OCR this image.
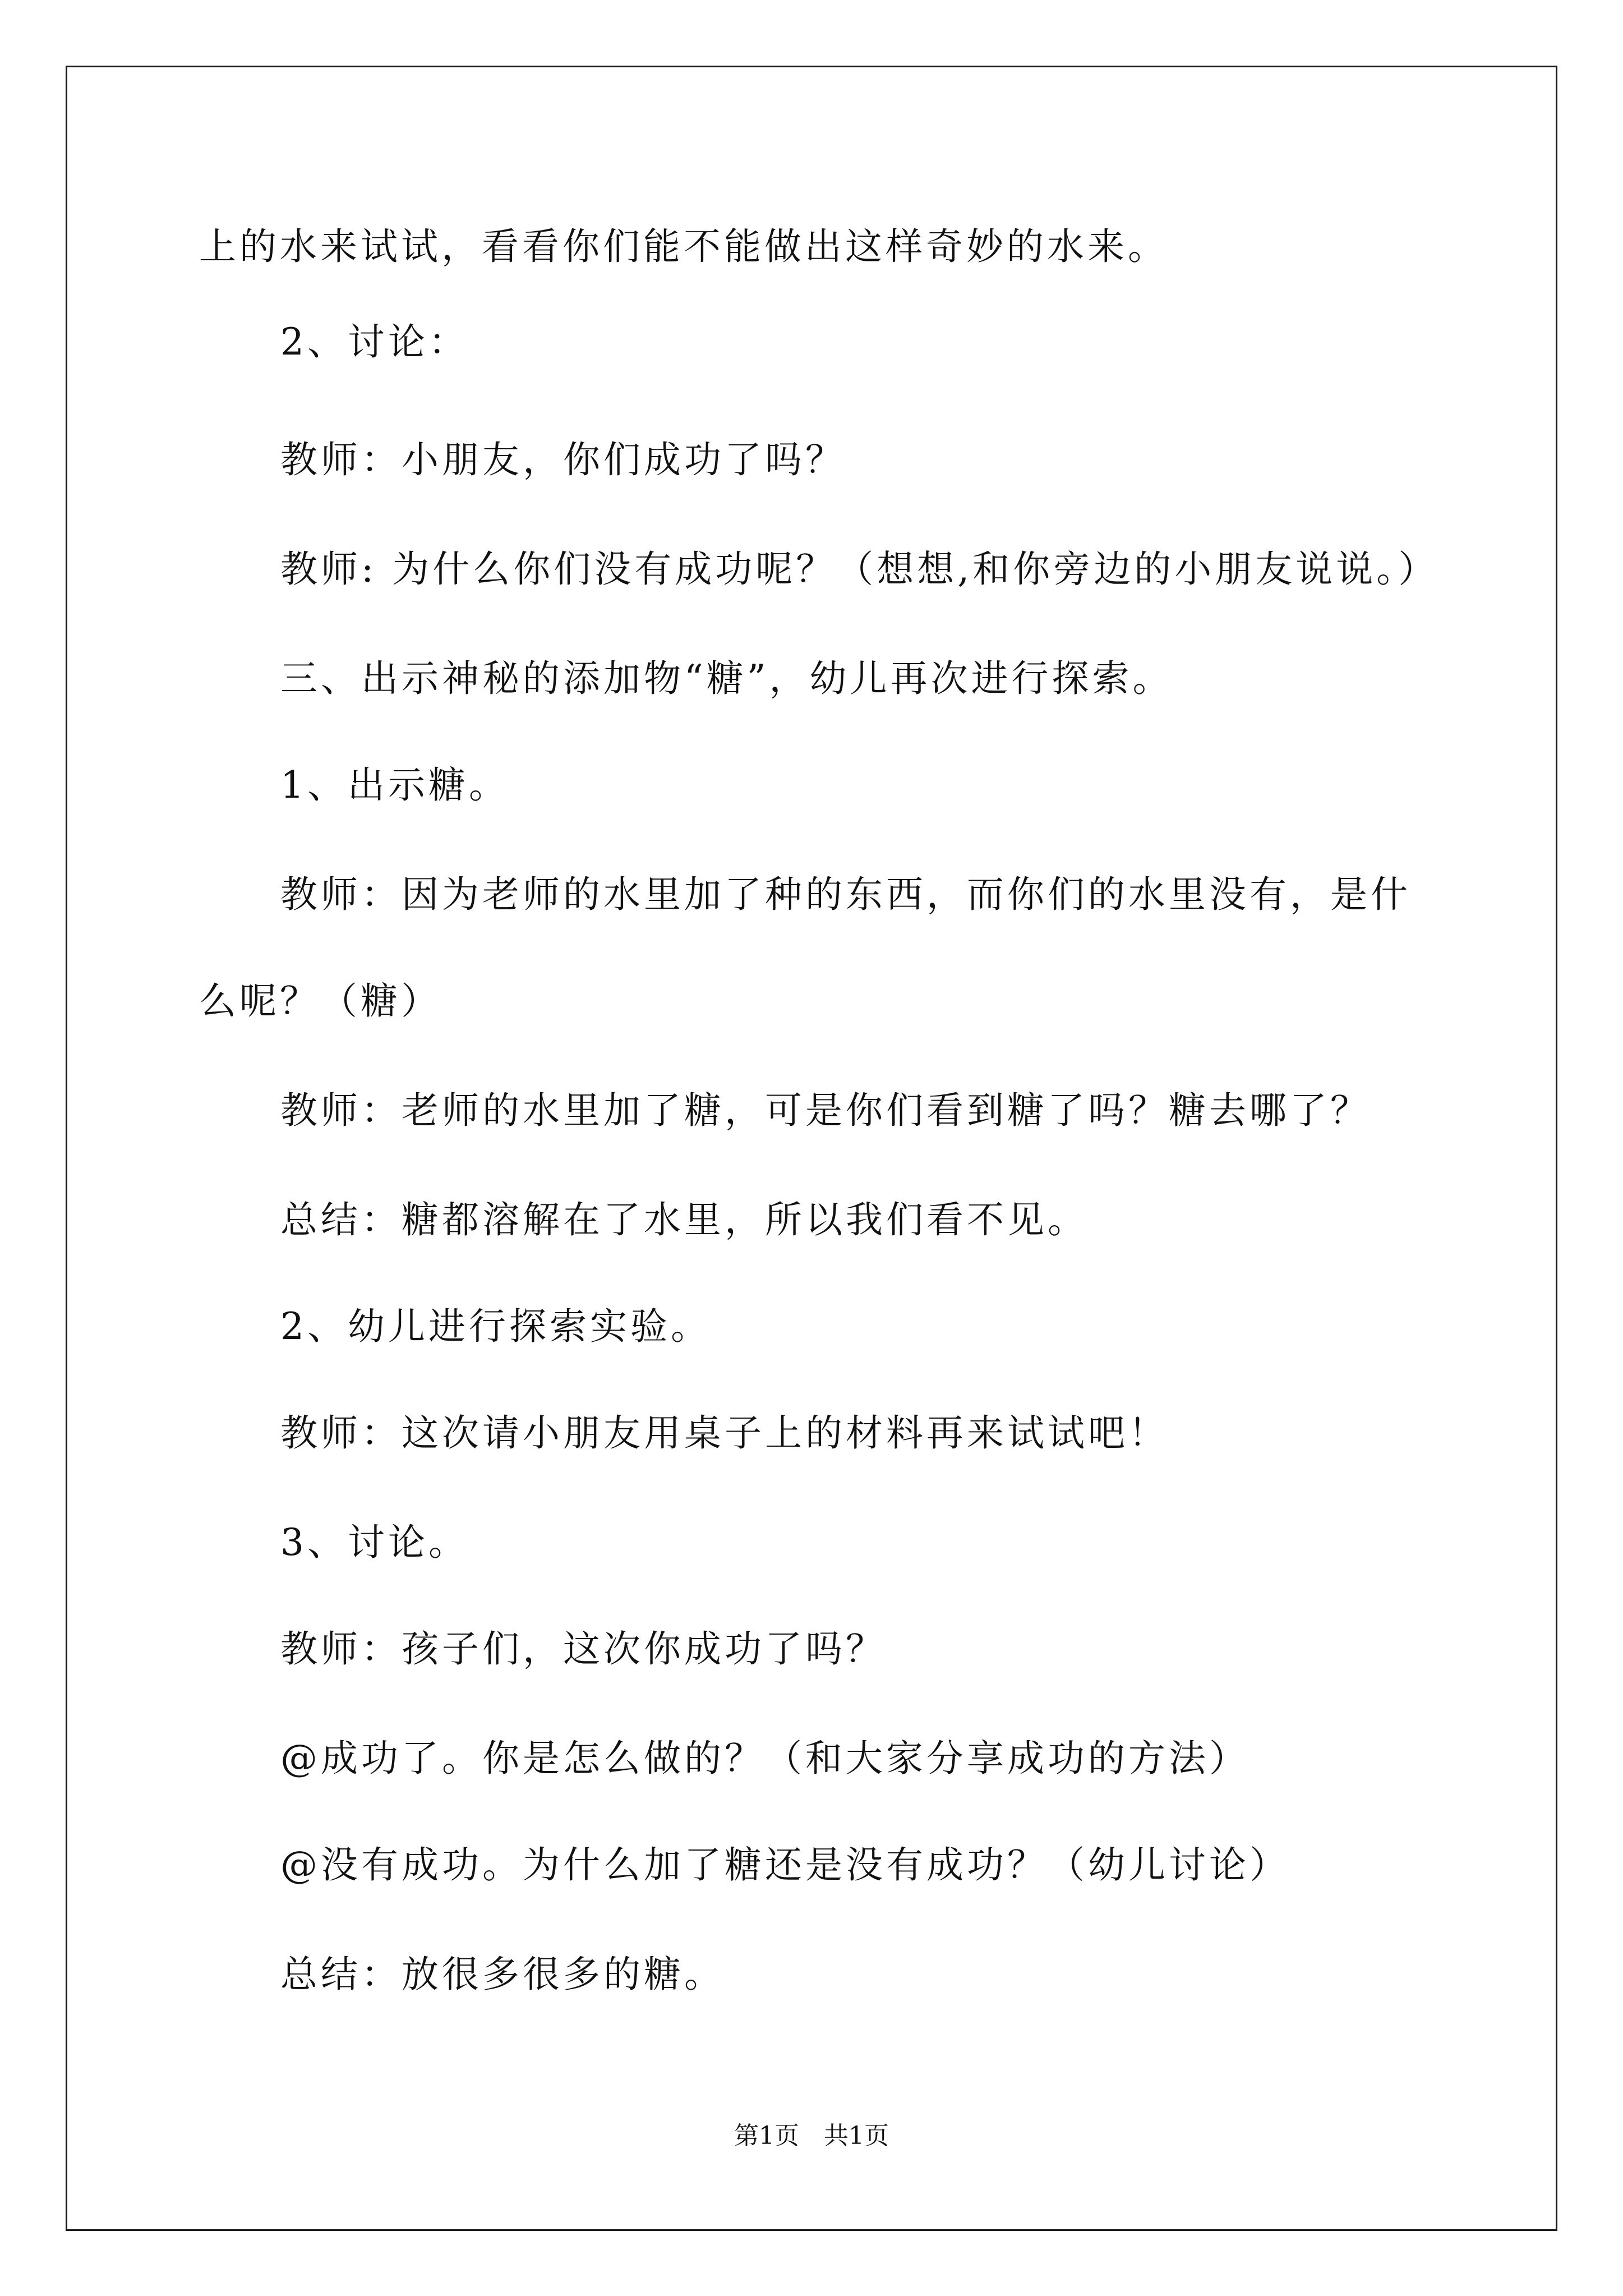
上的水来试试，看看你们能不能做出这样奇妙的水来。
2、讨论：
教师：小朋友，你们成功了吗？
教师: 为什么你们没有成功呢？（想想,和你旁边的小朋友说说。）
三、出示神秘的添加物“糖”，幼儿再次进行探索。
1、出示糖。
教师：因为老师的水里加了种的东西，而你们的水里没有，是什
么呢？（糖）
教师：老师的水里加了糖，可是你们看到糖了吗？糖去哪了？
总结：糖都溶解在了水里，所以我们看不见。
2、幼儿进行探索实验。
教师：这次请小朋友用桌子上的材料再来试试吧！
3、讨论。
教师：孩子们，这次你成功了吗？
@成功了。你是怎么做的？（和大家分享成功的方法）
@没有成功。为什么加了糖还是没有成功？（幼儿讨论）
总结：放很多很多的糖。
第1页　共1页
